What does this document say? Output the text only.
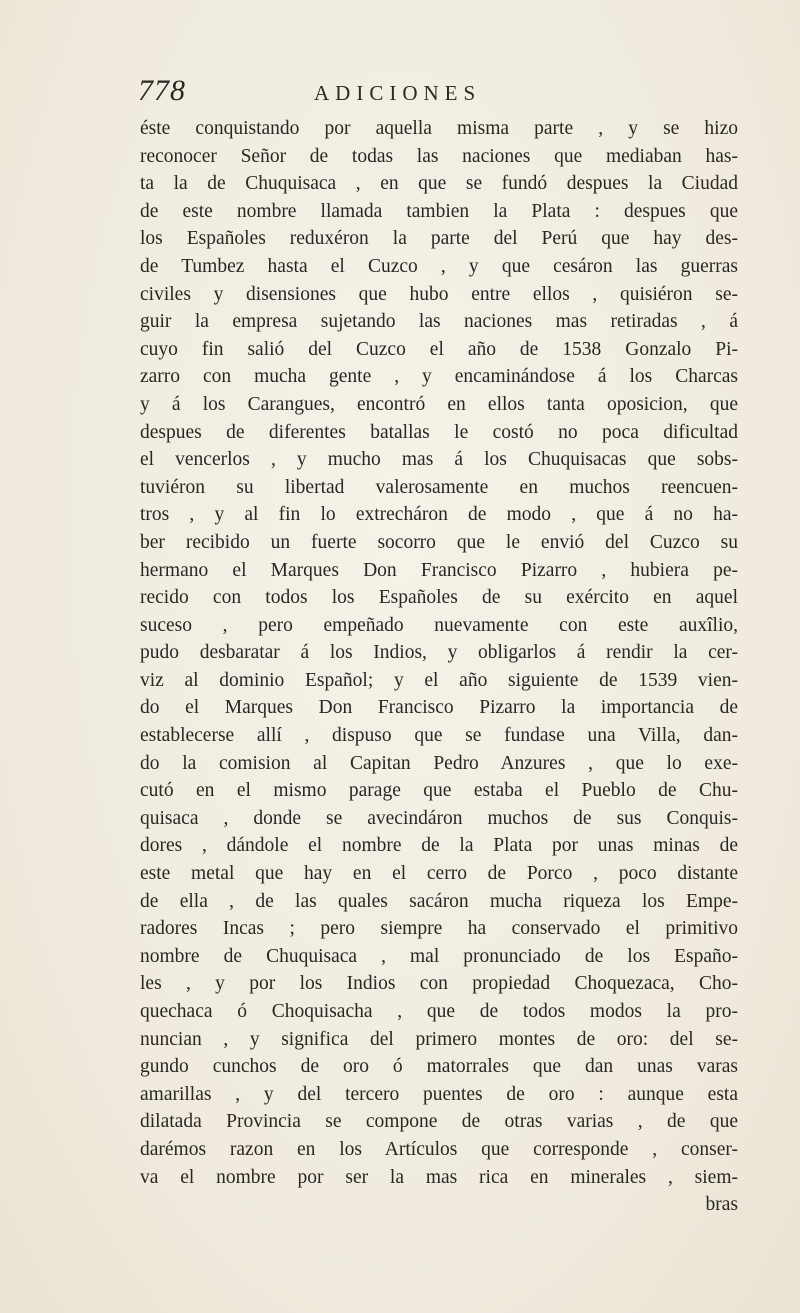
778	ADICIONES
éste conquistando por aquella misma parte , y se hizo
reconocer Señor de todas las naciones que mediaban has-
ta la de Chuquisaca , en que se fundó despues la Ciudad
de este nombre llamada tambien la Plata : despues que
los Españoles reduxéron la parte del Perú que hay des-
de Tumbez hasta el Cuzco , y que cesáron las guerras
civiles y disensiones que hubo entre ellos , quisiéron se-
guir la empresa sujetando las naciones mas retiradas , á
cuyo fin salió del Cuzco el año de 1538 Gonzalo Pi-
zarro con mucha gente , y encaminándose á los Charcas
y á los Carangues, encontró en ellos tanta oposicion, que
despues de diferentes batallas le costó no poca dificultad
el vencerlos , y mucho mas á los Chuquisacas que sobs-
tuviéron su libertad valerosamente en muchos reencuen-
tros , y al fin lo extrecháron de modo , que á no ha-
ber recibido un fuerte socorro que le envió del Cuzco su
hermano el Marques Don Francisco Pizarro , hubiera pe-
recido con todos los Españoles de su exército en aquel
suceso , pero empeñado nuevamente con este auxîlio,
pudo desbaratar á los Indios, y obligarlos á rendir la cer-
viz al dominio Español; y el año siguiente de 1539 vien-
do el Marques Don Francisco Pizarro la importancia de
establecerse allí , dispuso que se fundase una Villa, dan-
do la comision al Capitan Pedro Anzures , que lo exe-
cutó en el mismo parage que estaba el Pueblo de Chu-
quisaca , donde se avecindáron muchos de sus Conquis-
dores , dándole el nombre de la Plata por unas minas de
este metal que hay en el cerro de Porco , poco distante
de ella , de las quales sacáron mucha riqueza los Empe-
radores Incas ; pero siempre ha conservado el primitivo
nombre de Chuquisaca , mal pronunciado de los Españo-
les , y por los Indios con propiedad Choquezaca, Cho-
quechaca ó Choquisacha , que de todos modos la pro-
nuncian , y significa del primero montes de oro: del se-
gundo cunchos de oro ó matorrales que dan unas varas
amarillas , y del tercero puentes de oro : aunque esta
dilatada Provincia se compone de otras varias , de que
darémos razon en los Artículos que corresponde , conser-
va el nombre por ser la mas rica en minerales , siem-
bras
